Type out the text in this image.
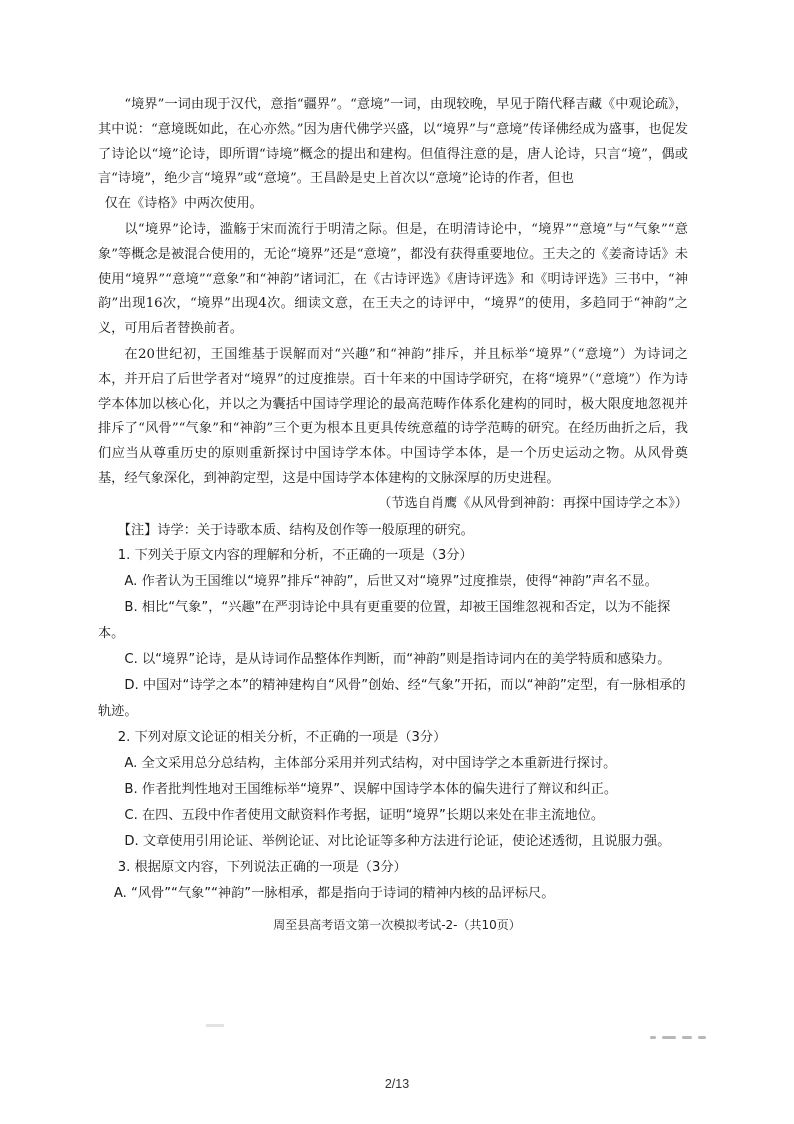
“境界”一词由现于汉代，意指“疆界”。“意境”一词，由现较晚，早见于隋代释吉藏《中观论疏》，其中说：“意境既如此，在心亦然。”因为唐代佛学兴盛，以“境界”与“意境”传译佛经成为盛事，也促发了诗论以“境”论诗，即所谓“诗境”概念的提出和建构。但值得注意的是，唐人论诗，只言“境”，偶或言“诗境”，绝少言“境界”或“意境”。王昌龄是史上首次以“意境”论诗的作者，但也
仅在《诗格》中两次使用。

以“境界”论诗，滥觞于宋而流行于明清之际。但是，在明清诗论中，“境界”“意境”与“气象”“意象”等概念是被混合使用的，无论“境界”还是“意境”，都没有获得重要地位。王夫之的《姜斋诗话》未使用“境界”“意境”“意象”和“神韵”诸词汇，在《古诗评选》《唐诗评选》和《明诗评选》三书中，“神韵”出现16次，“境界”出现4次。细读文意，在王夫之的诗评中，“境界”的使用，多趋同于“神韵”之义，可用后者替换前者。

在20世纪初，王国维基于误解而对“兴趣”和“神韵”排斥，并且标举“境界”（“意境”）为诗词之本，并开启了后世学者对“境界”的过度推崇。百十年来的中国诗学研究，在将“境界”（“意境”）作为诗学本体加以核心化，并以之为囊括中国诗学理论的最高范畴作体系化建构的同时，极大限度地忽视并排斥了“风骨”“气象”和“神韵”三个更为根本且更具传统意蕴的诗学范畴的研究。在经历曲折之后，我们应当从尊重历史的原则重新探讨中国诗学本体。中国诗学本体，是一个历史运动之物。从风骨奠基，经气象深化，到神韵定型，这是中国诗学本体建构的文脉深厚的历史进程。

（节选自肖鹰《从风骨到神韵：再探中国诗学之本》）

【注】诗学：关于诗歌本质、结构及创作等一般原理的研究。

1. 下列关于原文内容的理解和分析，不正确的一项是（3分）

A. 作者认为王国维以“境界”排斥“神韵”，后世又对“境界”过度推崇，使得“神韵”声名不显。

B. 相比“气象”，“兴趣”在严羽诗论中具有更重要的位置，却被王国维忽视和否定，以为不能探本。

C. 以“境界”论诗，是从诗词作品整体作判断，而“神韵”则是指诗词内在的美学特质和感染力。

D. 中国对“诗学之本”的精神建构自“风骨”创始、经“气象”开拓，而以“神韵”定型，有一脉相承的轨迹。

2. 下列对原文论证的相关分析，不正确的一项是（3分）

A. 全文采用总分总结构，主体部分采用并列式结构，对中国诗学之本重新进行探讨。

B. 作者批判性地对王国维标举“境界”、误解中国诗学本体的偏失进行了辩议和纠正。

C. 在四、五段中作者使用文献资料作考据，证明“境界”长期以来处在非主流地位。

D. 文章使用引用论证、举例论证、对比论证等多种方法进行论证，使论述透彻，且说服力强。

3. 根据原文内容，下列说法正确的一项是（3分）

A. “风骨”“气象”“神韵”一脉相承，都是指向于诗词的精神内核的品评标尺。

周至县高考语文第一次模拟考试-2-（共10页）
2/13
